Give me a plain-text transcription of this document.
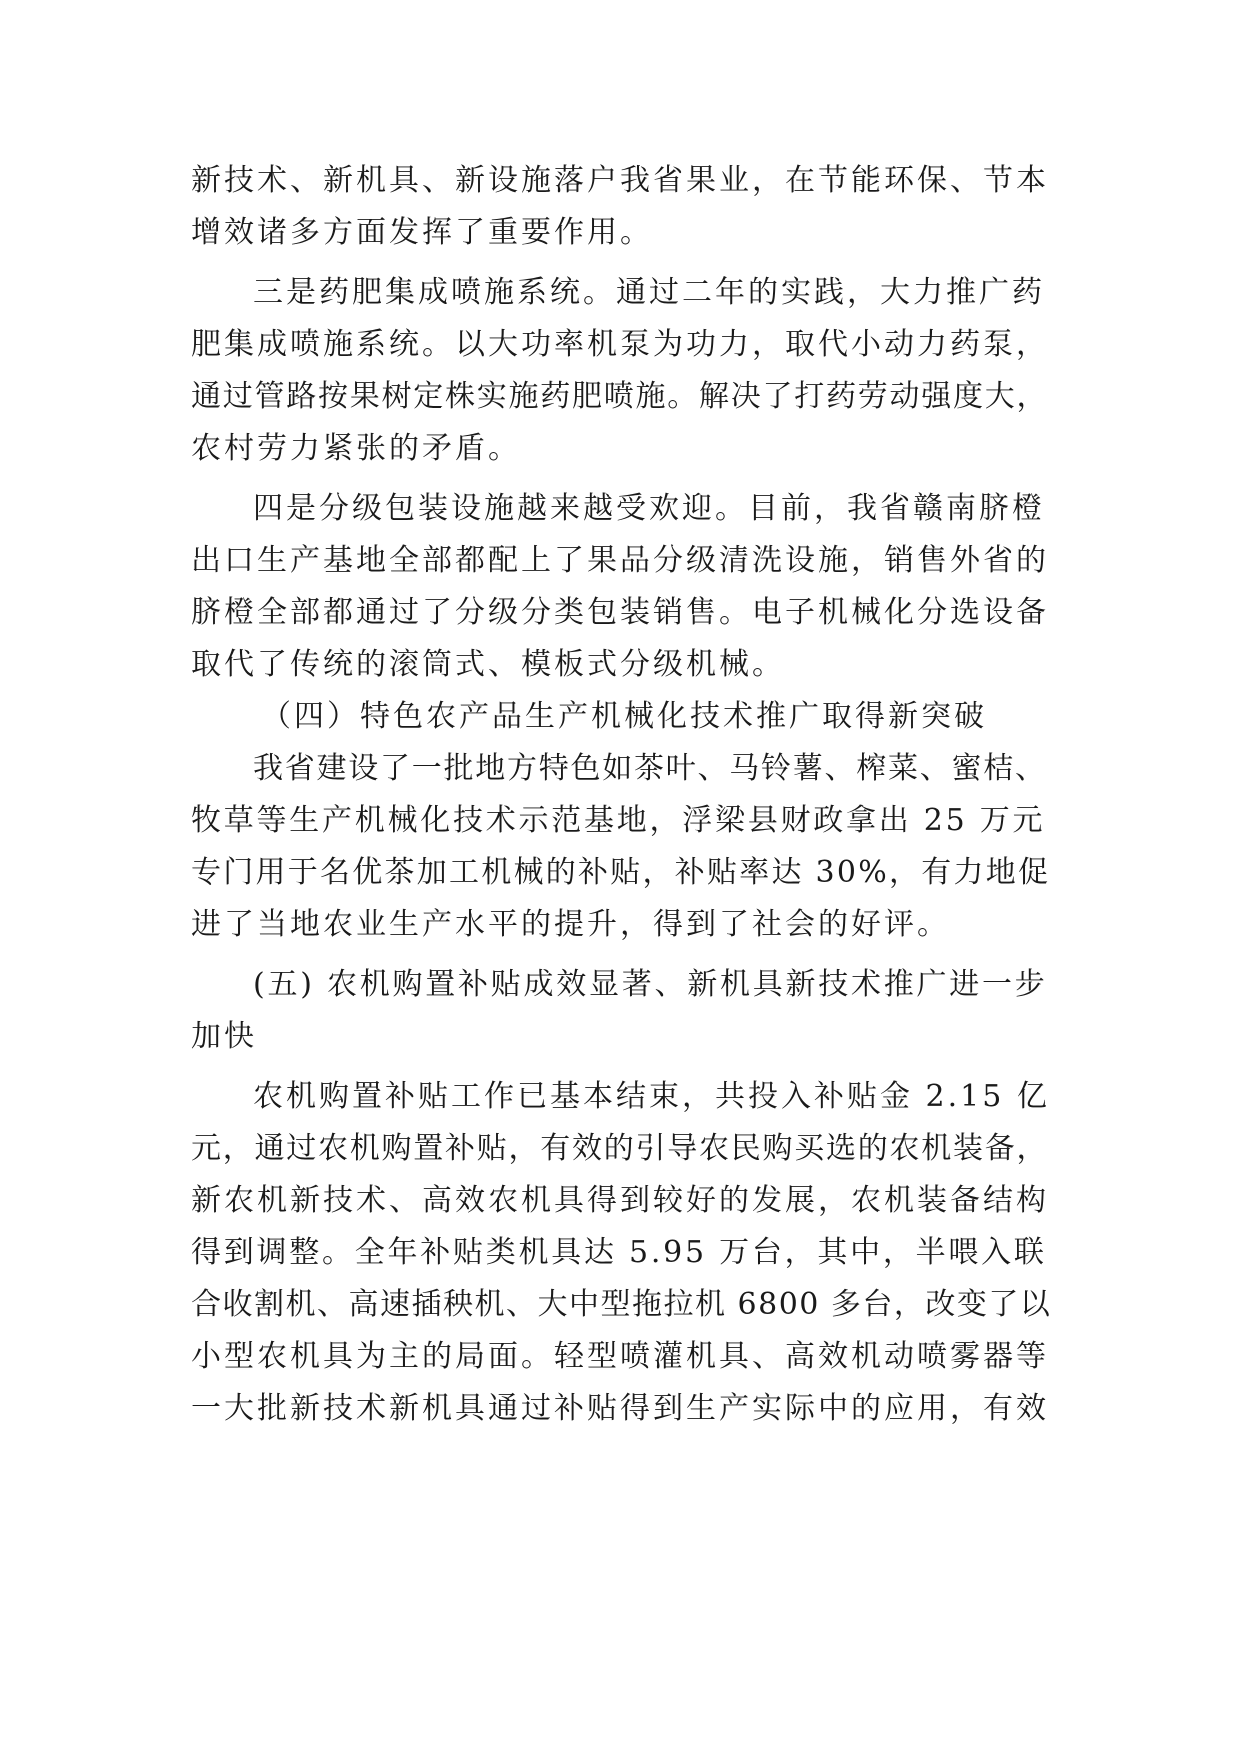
新技术、新机具、新设施落户我省果业，在节能环保、节本
增效诸多方面发挥了重要作用。
三是药肥集成喷施系统。通过二年的实践，大力推广药
肥集成喷施系统。以大功率机泵为功力，取代小动力药泵，
通过管路按果树定株实施药肥喷施。解决了打药劳动强度大，
农村劳力紧张的矛盾。
四是分级包装设施越来越受欢迎。目前，我省赣南脐橙
出口生产基地全部都配上了果品分级清洗设施，销售外省的
脐橙全部都通过了分级分类包装销售。电子机械化分选设备
取代了传统的滚筒式、模板式分级机械。
（四）特色农产品生产机械化技术推广取得新突破
我省建设了一批地方特色如茶叶、马铃薯、榨菜、蜜桔、
牧草等生产机械化技术示范基地，浮梁县财政拿出 25 万元
专门用于名优茶加工机械的补贴，补贴率达 30%，有力地促
进了当地农业生产水平的提升，得到了社会的好评。
(五) 农机购置补贴成效显著、新机具新技术推广进一步
加快
农机购置补贴工作已基本结束，共投入补贴金 2.15 亿
元，通过农机购置补贴，有效的引导农民购买选的农机装备，
新农机新技术、高效农机具得到较好的发展，农机装备结构
得到调整。全年补贴类机具达 5.95 万台，其中，半喂入联
合收割机、高速插秧机、大中型拖拉机 6800 多台，改变了以
小型农机具为主的局面。轻型喷灌机具、高效机动喷雾器等
一大批新技术新机具通过补贴得到生产实际中的应用，有效
